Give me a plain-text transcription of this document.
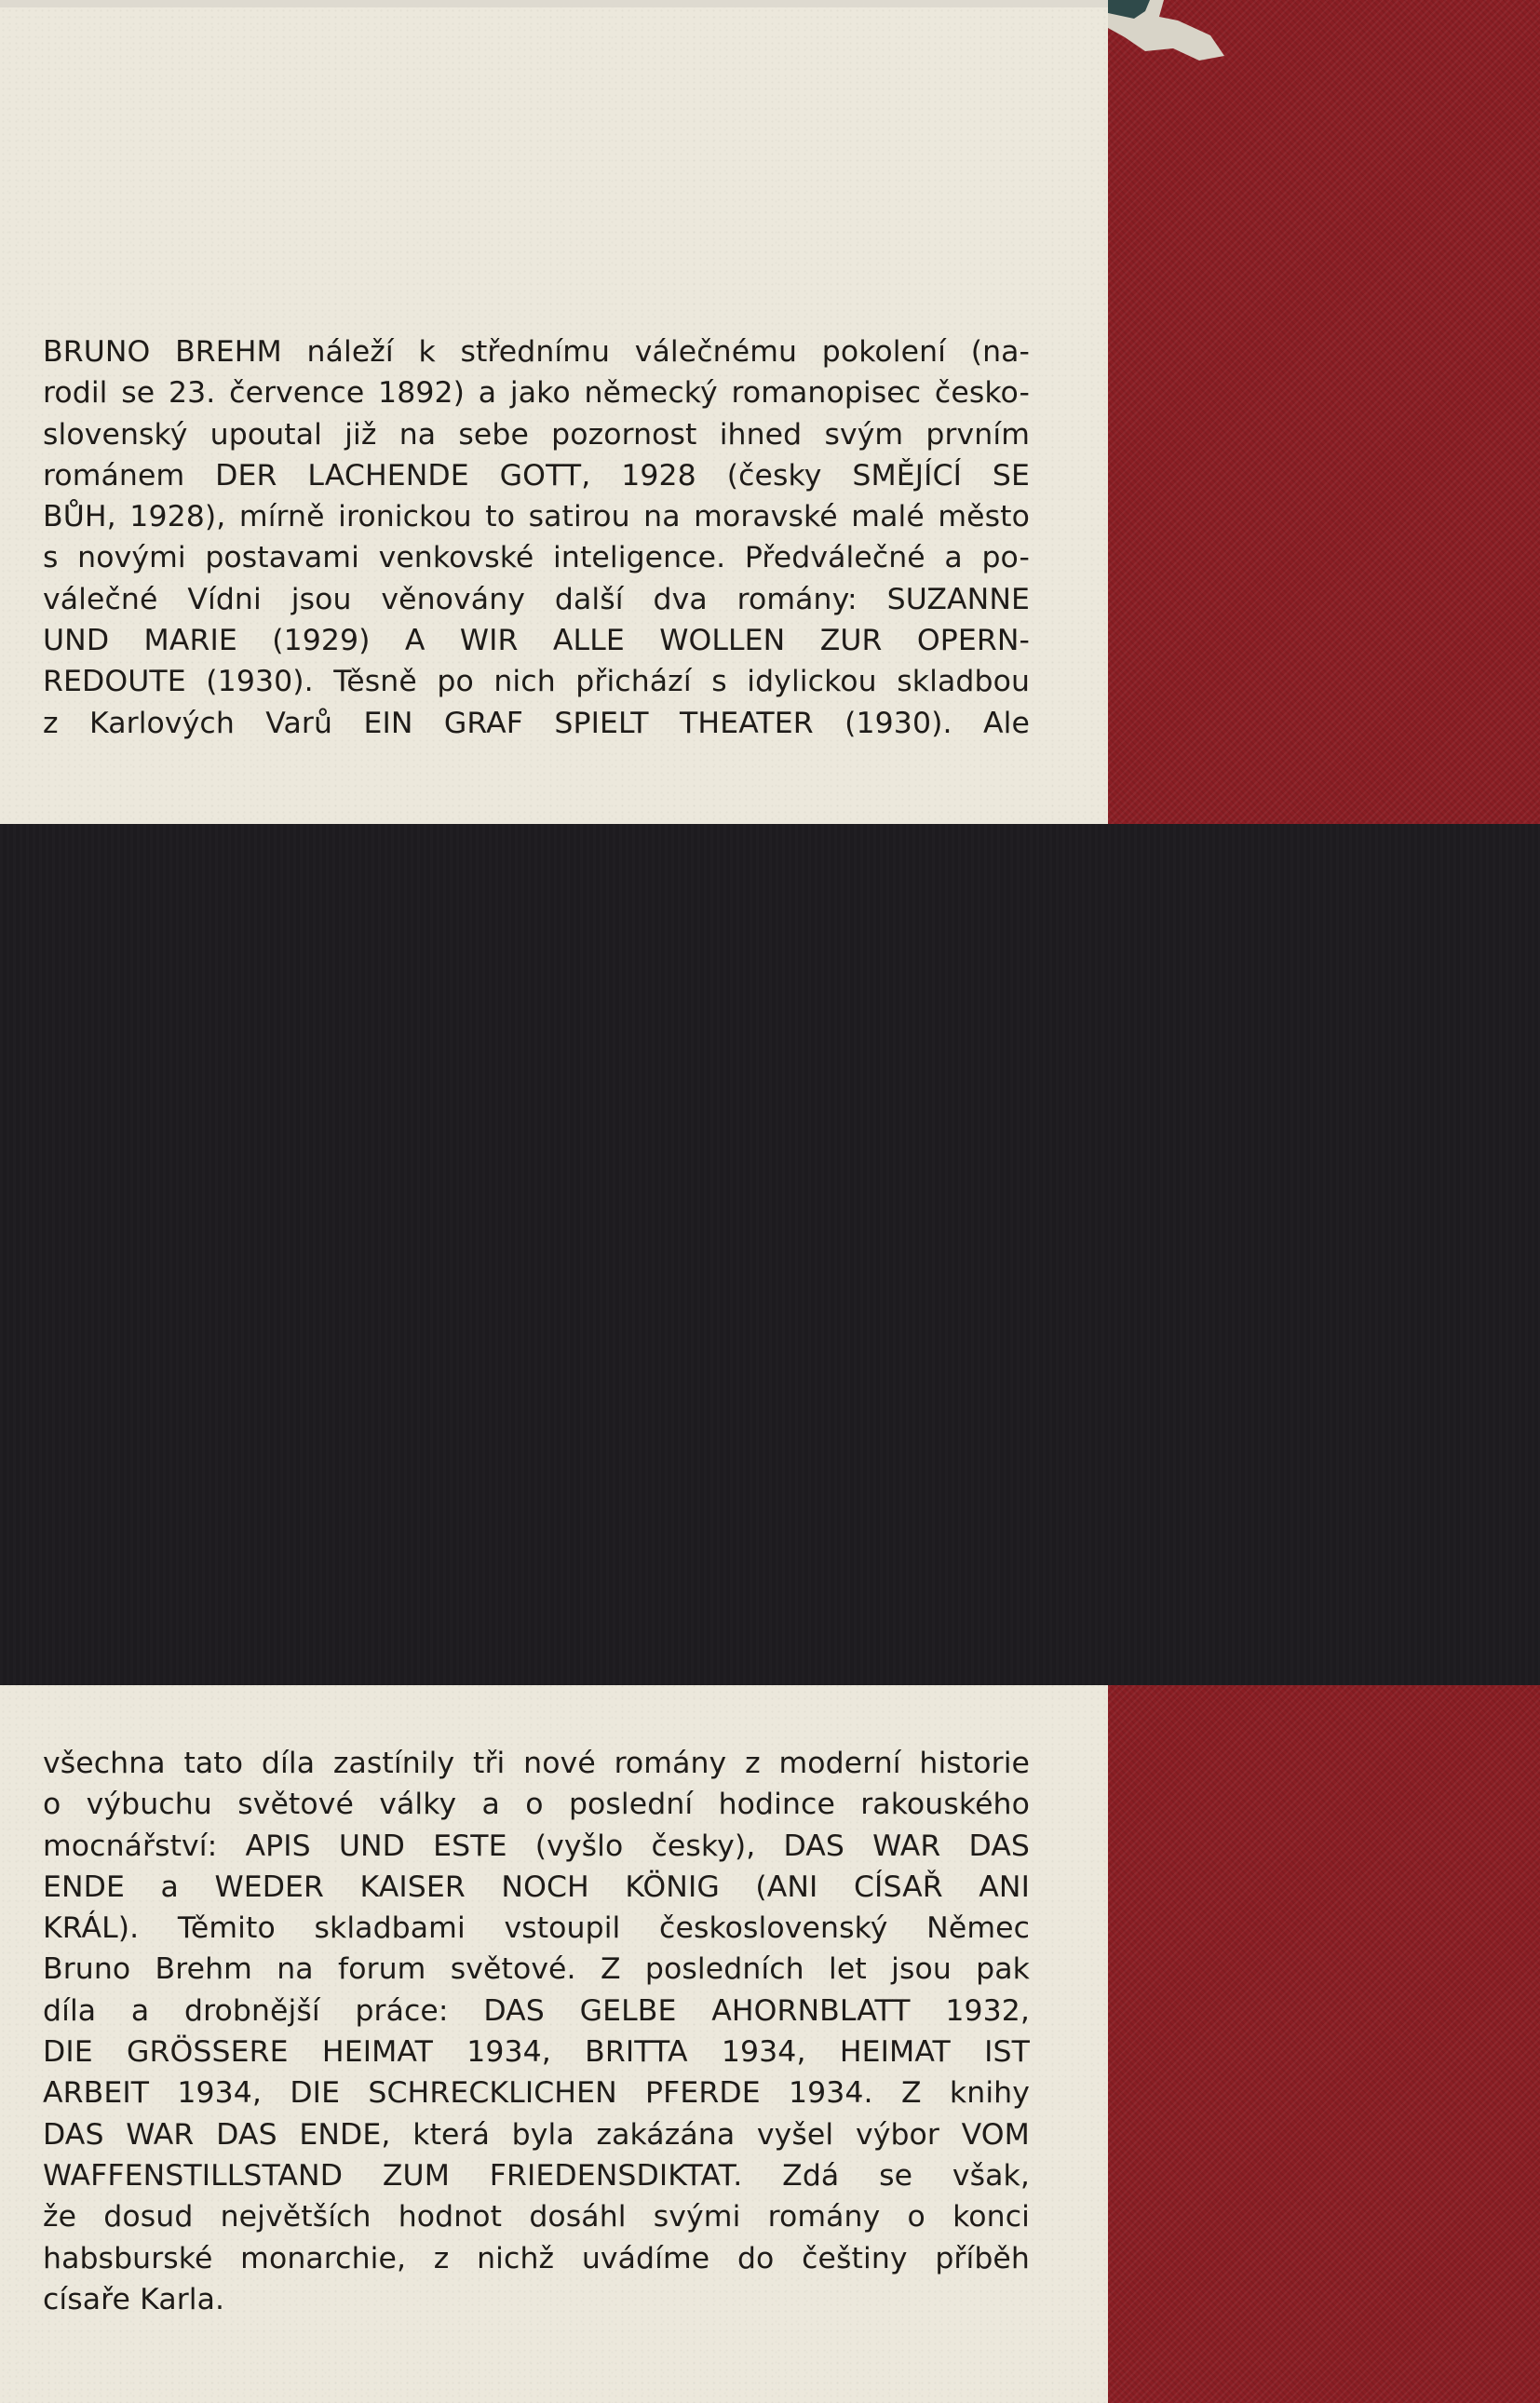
BRUNO BREHM náleží k střednímu válečnému pokolení (na-
rodil se 23. července 1892) a jako německý romanopisec česko-
slovenský upoutal již na sebe pozornost ihned svým prvním
románem DER LACHENDE GOTT, 1928 (česky SMĚJÍCÍ SE
BŮH, 1928), mírně ironickou to satirou na moravské malé město
s novými postavami venkovské inteligence. Předválečné a po-
válečné Vídni jsou věnovány další dva romány: SUZANNE
UND MARIE (1929) A WIR ALLE WOLLEN ZUR OPERN-
REDOUTE (1930). Těsně po nich přichází s idylickou skladbou
z Karlových Varů EIN GRAF SPIELT THEATER (1930). Ale
všechna tato díla zastínily tři nové romány z moderní historie
o výbuchu světové války a o poslední hodince rakouského
mocnářství: APIS UND ESTE (vyšlo česky), DAS WAR DAS
ENDE a WEDER KAISER NOCH KÖNIG (ANI CÍSAŘ ANI
KRÁL). Těmito skladbami vstoupil československý Němec
Bruno Brehm na forum světové. Z posledních let jsou pak
díla a drobnější práce: DAS GELBE AHORNBLATT 1932,
DIE GRÖSSERE HEIMAT 1934, BRITTA 1934, HEIMAT IST
ARBEIT 1934, DIE SCHRECKLICHEN PFERDE 1934. Z knihy
DAS WAR DAS ENDE, která byla zakázána vyšel výbor VOM
WAFFENSTILLSTAND ZUM FRIEDENSDIKTAT. Zdá se však,
že dosud největších hodnot dosáhl svými romány o konci
habsburské monarchie, z nichž uvádíme do češtiny příběh
císaře Karla.
